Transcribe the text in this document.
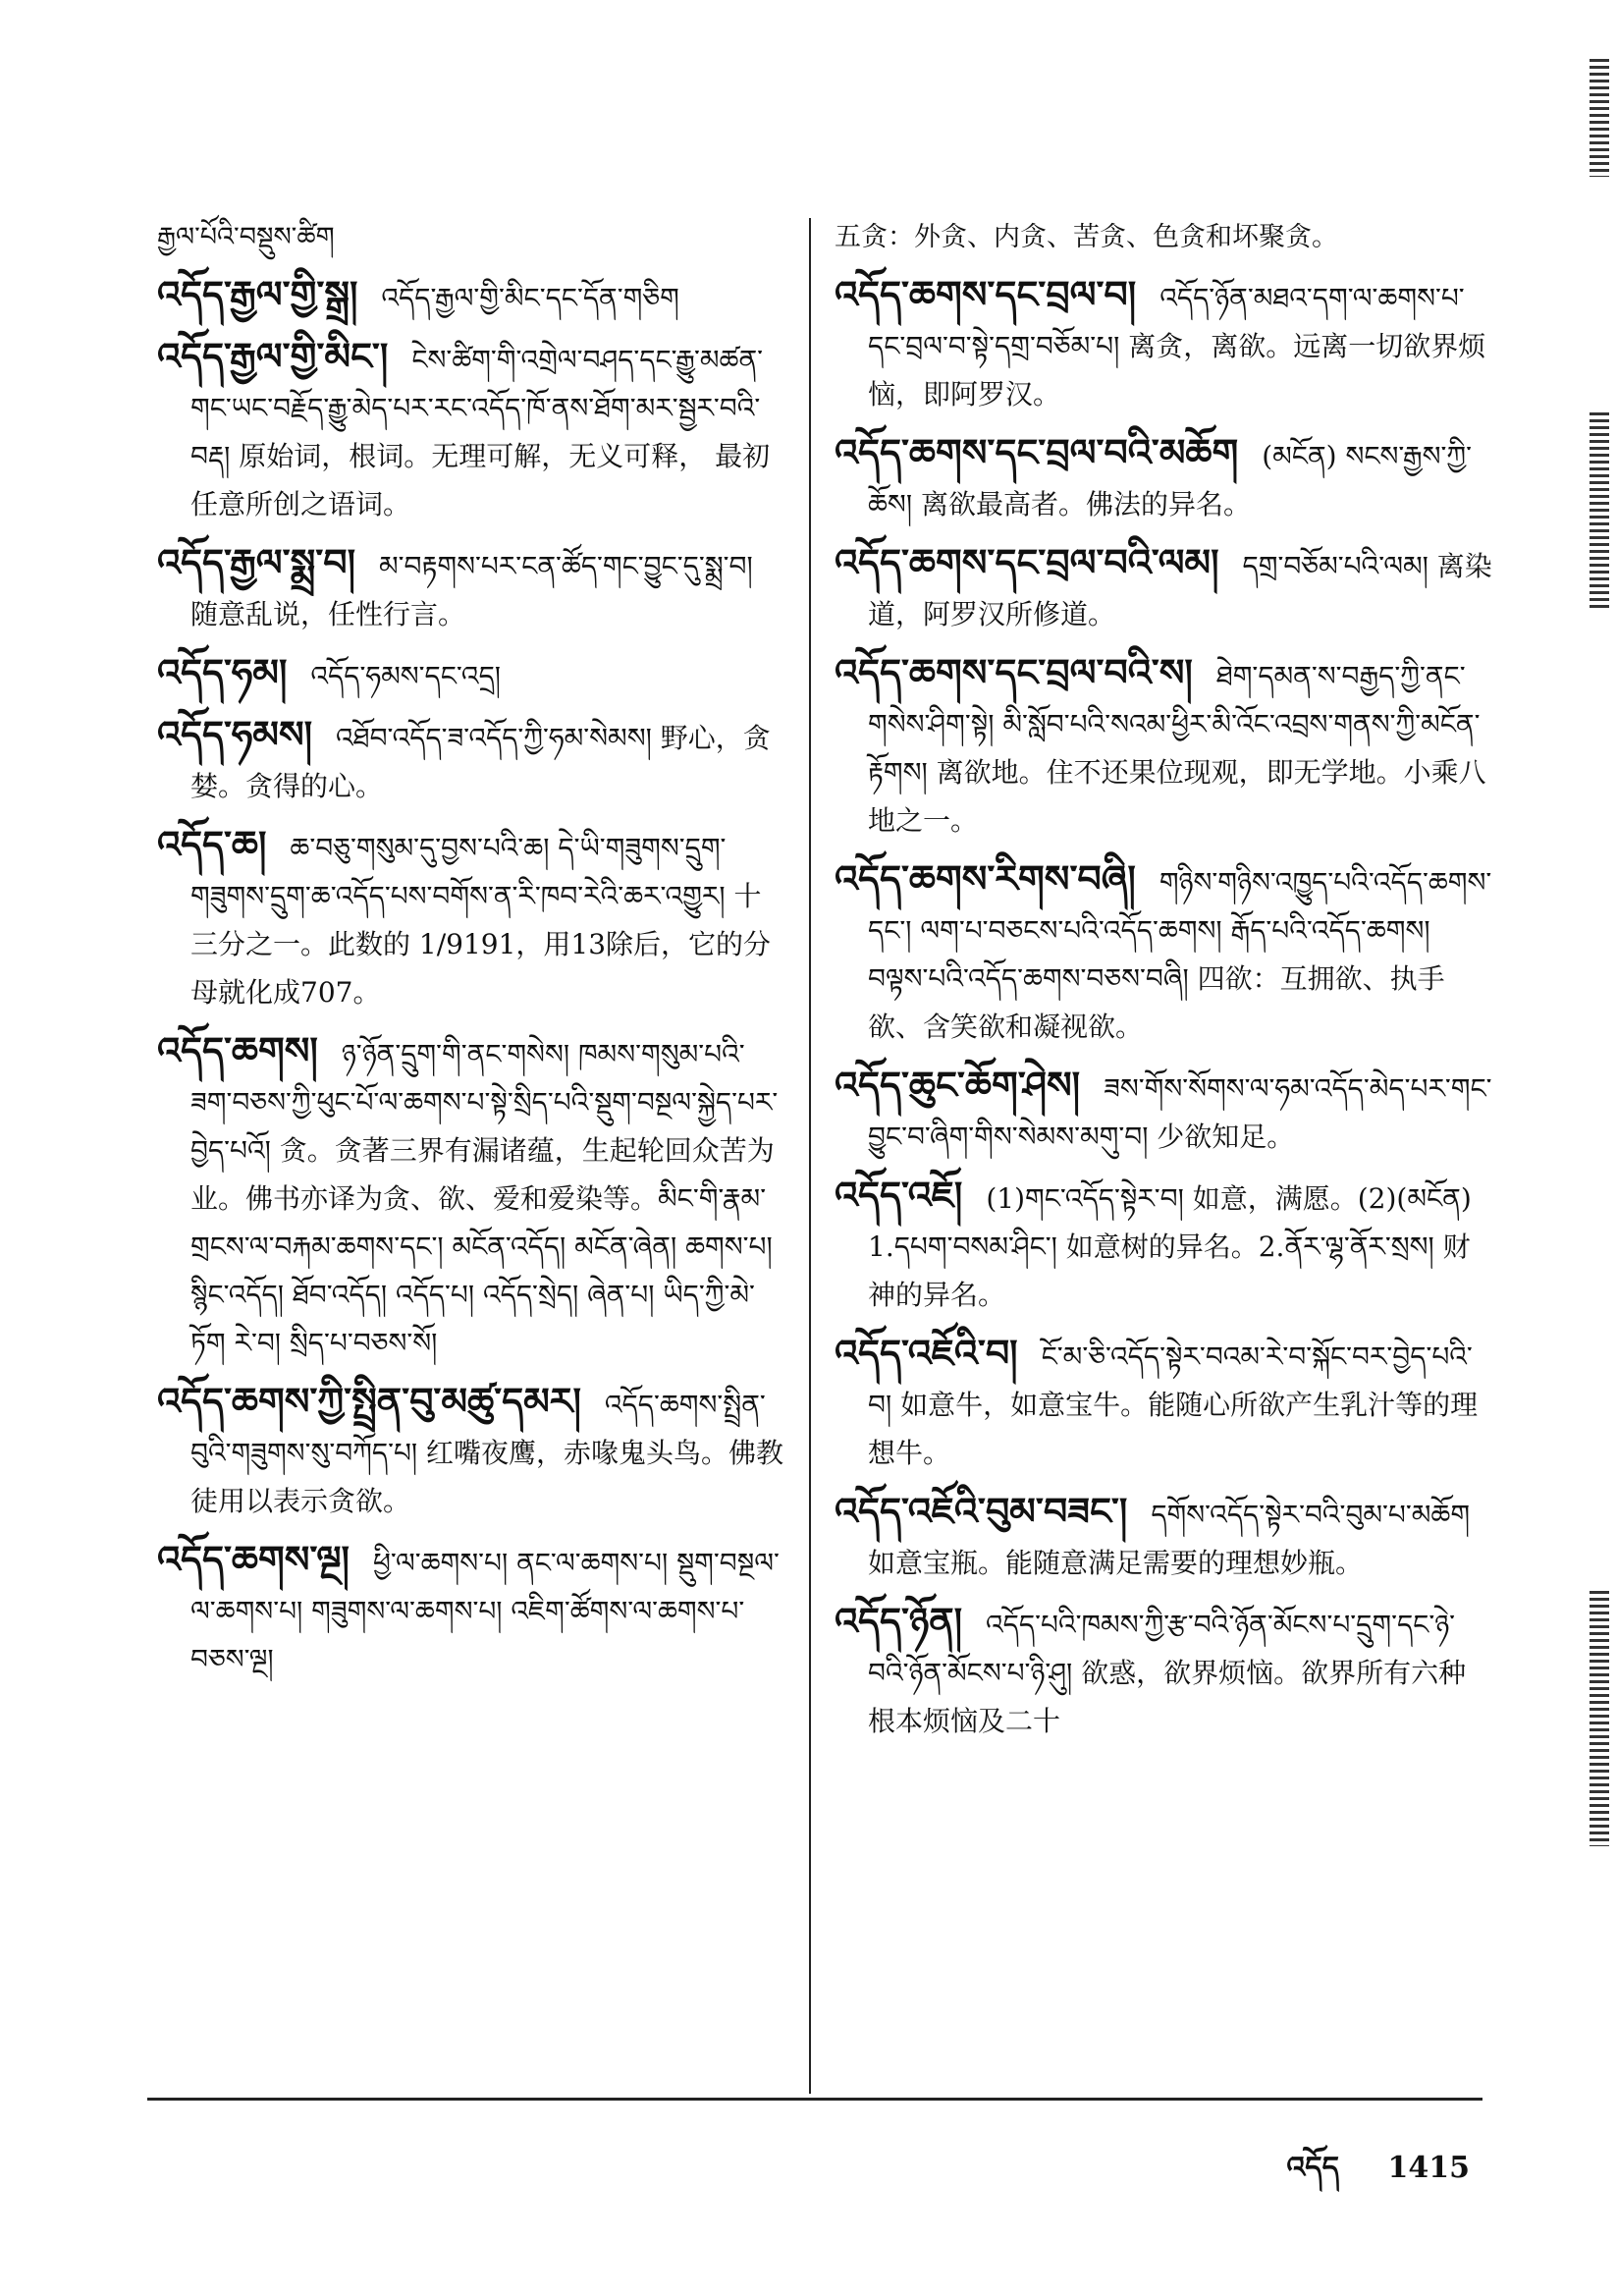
རྒྱལ་པོའི་བསྡུས་ཚིག
འདོད་རྒྱལ་གྱི་སྒྲ། འདོད་རྒྱལ་གྱི་མིང་དང་དོན་གཅིག
འདོད་རྒྱལ་གྱི་མིང་། ངེས་ཚིག་གི་འགྲེལ་བཤད་དང་རྒྱུ་མཚན་གང་ཡང་བརྗོད་རྒྱུ་མེད་པར་རང་འདོད་ཁོ་ནས་ཐོག་མར་སྦྱར་བའི་བརྡ། 原始词，根词。无理可解，无义可释， 最初任意所创之语词。
འདོད་རྒྱལ་སྨྲ་བ། མ་བརྟགས་པར་ངན་ཚོད་གང་བྱུང་དུ་སྨྲ་བ། 随意乱说，任性行言。
འདོད་ཧམ། འདོད་ཧམས་དང་འདྲ།
འདོད་ཧམས། འཐོབ་འདོད་ཟ་འདོད་ཀྱི་ཧམ་སེམས། 野心，贪婪。贪得的心。
འདོད་ཆ། ཆ་བཅུ་གསུམ་དུ་བྱས་པའི་ཆ། དེ་ཡི་གཟུགས་དྲུག་གཟུགས་དྲུག་ཆ་འདོད་པས་བགོས་ན་རི་ཁབ་རེའི་ཆར་འགྱུར། 十三分之一。此数的 1/9191，用13除后，它的分母就化成707。
འདོད་ཆགས། ཉ་ཉོན་དྲུག་གི་ནང་གསེས། ཁམས་གསུམ་པའི་ཟག་བཅས་ཀྱི་ཕུང་པོ་ལ་ཆགས་པ་སྟེ་སྲིད་པའི་སྡུག་བསྔལ་སྐྱེད་པར་བྱེད་པའོ། 贪。贪著三界有漏诸蕴，生起轮回众苦为业。佛书亦译为贪、欲、爱和爱染等。མིང་གི་རྣམ་གྲངས་ལ་བརྐམ་ཆགས་དང་། མངོན་འདོད། མངོན་ཞེན། ཆགས་པ། སྙིང་འདོད། ཐོབ་འདོད། འདོད་པ། འདོད་སྲེད། ཞེན་པ། ཡིད་ཀྱི་མེ་ཏོག རེ་བ། སྲིད་པ་བཅས་སོ།
འདོད་ཆགས་ཀྱི་སྤྲིན་བུ་མཚུ་དམར། འདོད་ཆགས་སྤྲིན་བུའི་གཟུགས་སུ་བཀོད་པ། 红嘴夜鹰，赤喙鬼头鸟。佛教徒用以表示贪欲。
འདོད་ཆགས་ལྔ། ཕྱི་ལ་ཆགས་པ། ནང་ལ་ཆགས་པ། སྡུག་བསྔལ་ལ་ཆགས་པ། གཟུགས་ལ་ཆགས་པ། འཇིག་ཚོགས་ལ་ཆགས་པ་བཅས་ལྔ།
五贪：外贪、内贪、苦贪、色贪和坏聚贪。
འདོད་ཆགས་དང་བྲལ་བ། འདོད་ཉོན་མཐའ་དག་ལ་ཆགས་པ་དང་བྲལ་བ་སྟེ་དགྲ་བཅོམ་པ། 离贪，离欲。远离一切欲界烦恼，即阿罗汉。
འདོད་ཆགས་དང་བྲལ་བའི་མཆོག (མངོན) སངས་རྒྱས་ཀྱི་ཆོས། 离欲最高者。佛法的异名。
འདོད་ཆགས་དང་བྲལ་བའི་ལམ། དགྲ་བཅོམ་པའི་ལམ། 离染道，阿罗汉所修道。
འདོད་ཆགས་དང་བྲལ་བའི་ས། ཐེག་དམན་ས་བརྒྱད་ཀྱི་ནང་གསེས་ཤིག་སྟེ། མི་སློབ་པའི་སའམ་ཕྱིར་མི་འོང་འབྲས་གནས་ཀྱི་མངོན་རྟོགས། 离欲地。住不还果位现观，即无学地。小乘八地之一。
འདོད་ཆགས་རིགས་བཞི། གཉིས་གཉིས་འཁྱུད་པའི་འདོད་ཆགས་དང་། ལག་པ་བཅངས་པའི་འདོད་ཆགས། རྒོད་པའི་འདོད་ཆགས། བལྟས་པའི་འདོད་ཆགས་བཅས་བཞི། 四欲：互拥欲、执手欲、含笑欲和凝视欲。
འདོད་ཆུང་ཆོག་ཤེས། ཟས་གོས་སོགས་ལ་ཧམ་འདོད་མེད་པར་གང་བྱུང་བ་ཞིག་གིས་སེམས་མགུ་བ། 少欲知足。
འདོད་འཇོ། (1)གང་འདོད་སྟེར་བ། 如意，满愿。(2)(མངོན) 1.དཔག་བསམ་ཤིང་། 如意树的异名。2.ནོར་ལྷ་ནོར་སྲས། 财神的异名。
འདོད་འཇོའི་བ། ངོ་མ་ཅི་འདོད་སྟེར་བའམ་རེ་བ་སྐོང་བར་བྱེད་པའི་བ། 如意牛，如意宝牛。能随心所欲产生乳汁等的理想牛。
འདོད་འཇོའི་བུམ་བཟང་། དགོས་འདོད་སྟེར་བའི་བུམ་པ་མཆོག 如意宝瓶。能随意满足需要的理想妙瓶。
འདོད་ཉོན། འདོད་པའི་ཁམས་ཀྱི་རྩ་བའི་ཉོན་མོངས་པ་དྲུག་དང་ཉེ་བའི་ཉོན་མོངས་པ་ཉི་ཤུ། 欲惑，欲界烦恼。欲界所有六种根本烦恼及二十
འདོད 1415
